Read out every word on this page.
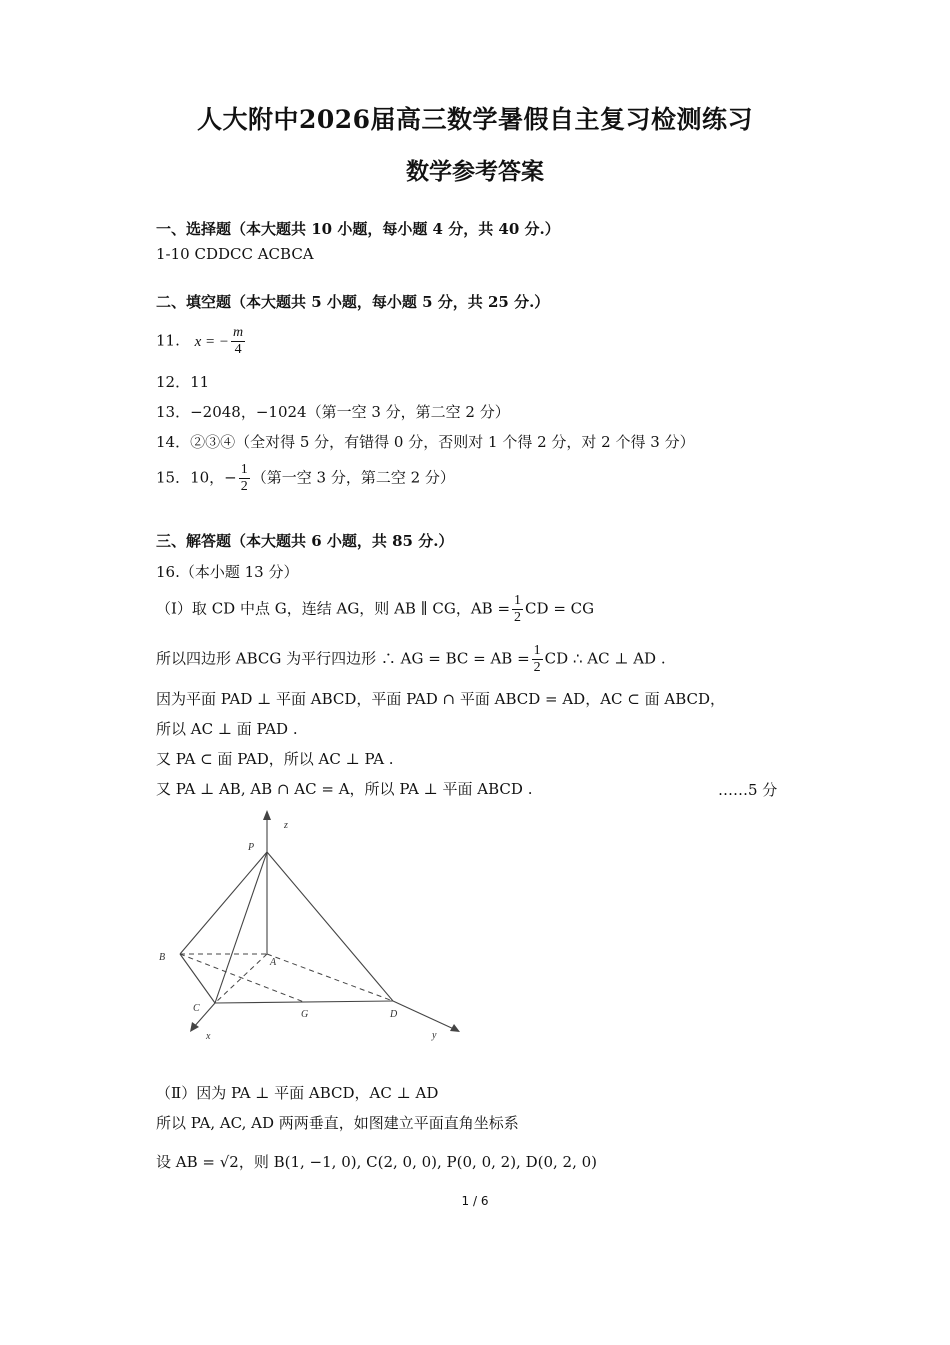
人大附中2026届高三数学暑假自主复习检测练习
数学参考答案
一、选择题（本大题共 10 小题，每小题 4 分，共 40 分.）
1-10 CDDCC ACBCA
二、填空题（本大题共 5 小题，每小题 5 分，共 25 分.）
11. x = − $\frac{m}{4}$
12．11
13．−2048，−1024（第一空 3 分，第二空 2 分）
14．②③④（全对得 5 分，有错得 0 分，否则对 1 个得 2 分，对 2 个得 3 分）
15．10，− $\frac{1}{2}$ （第一空 3 分，第二空 2 分）
三、解答题（本大题共 6 小题，共 85 分.）
16.（本小题 13 分）
（Ⅰ）取 CD 中点 G，连结 AG，则 AB ∥ CG，AB = $\frac{1}{2}$ CD = CG
所以四边形 ABCG 为平行四边形 ∴ AG = BC = AB = $\frac{1}{2}$ CD ∴ AC ⊥ AD .
因为平面 PAD ⊥ 平面 ABCD，平面 PAD ∩ 平面 ABCD = AD，AC ⊂ 面 ABCD，
所以 AC ⊥ 面 PAD .
又 PA ⊂ 面 PAD，所以 AC ⊥ PA .
又 PA ⊥ AB, AB ∩ AC = A，所以 PA ⊥ 平面 ABCD .	……5 分
z
P
B	A
C
G	D
x	y
（Ⅱ）因为 PA ⊥ 平面 ABCD，AC ⊥ AD
所以 PA, AC, AD 两两垂直，如图建立平面直角坐标系
设 AB = √2，则 B(1, −1, 0), C(2, 0, 0), P(0, 0, 2), D(0, 2, 0)
1 / 6
